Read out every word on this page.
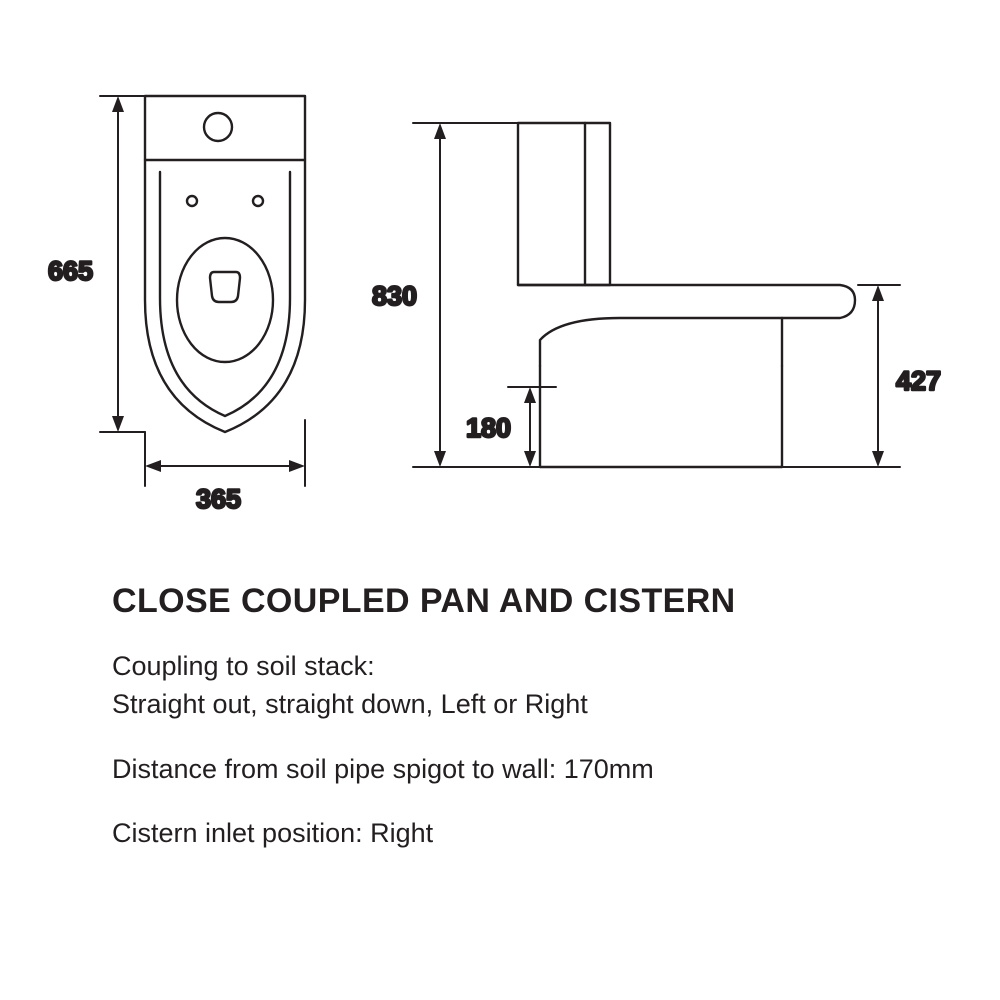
665
365
830
180
427
CLOSE COUPLED PAN AND CISTERN
Coupling to soil stack:
Straight out, straight down, Left or Right
Distance from soil pipe spigot to wall: 170mm
Cistern inlet position: Right
